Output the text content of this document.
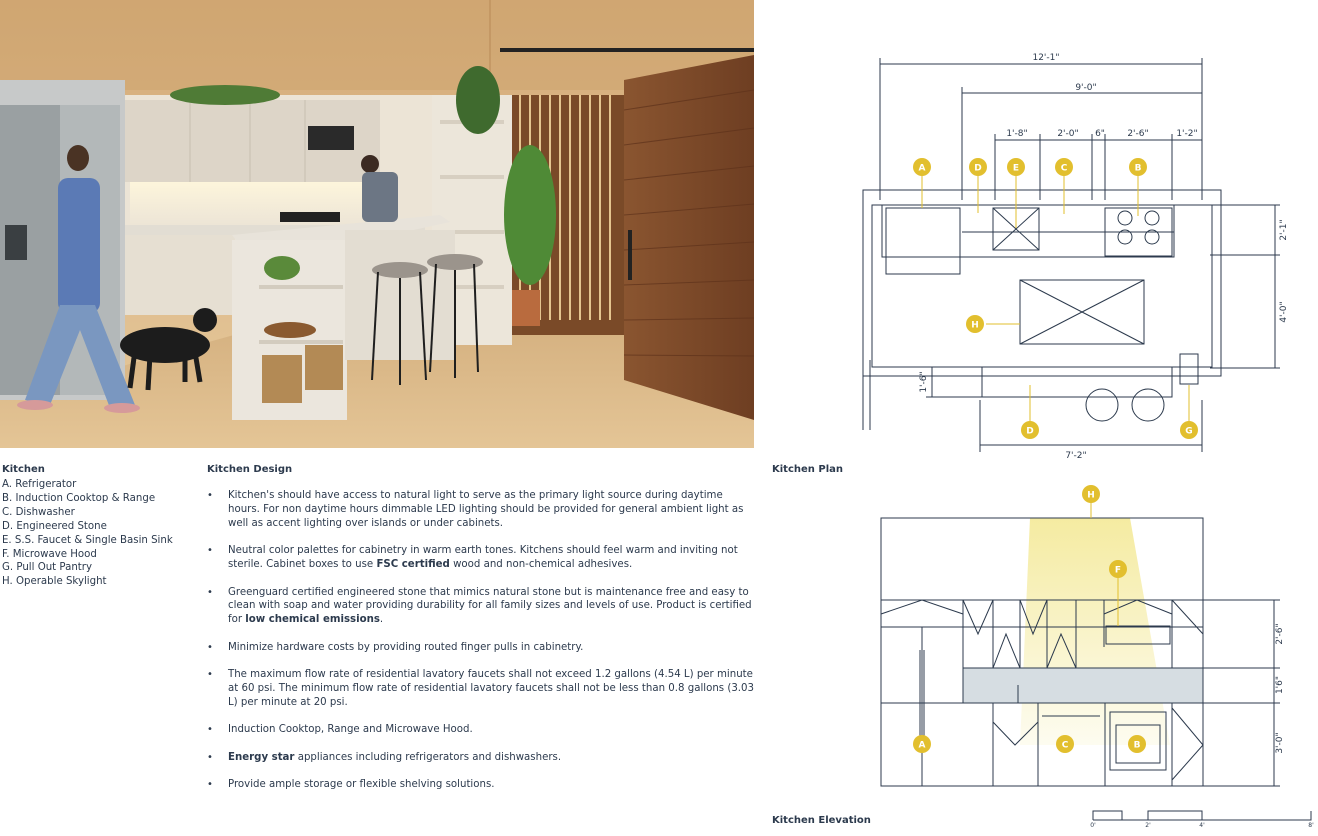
Kitchen
A. Refrigerator
B. Induction Cooktop & Range
C. Dishwasher
D. Engineered Stone
E. S.S. Faucet & Single Basin Sink
F. Microwave Hood
G. Pull Out Pantry
H. Operable Skylight
Kitchen Design
• Kitchen's should have access to natural light to serve as the primary light source during daytime hours. For non daytime hours dimmable LED lighting should be provided for general ambient light as well as accent lighting over islands or under cabinets.
• Neutral color palettes for cabinetry in warm earth tones. Kitchens should feel warm and inviting not sterile. Cabinet boxes to use FSC certified wood and non-chemical adhesives.
• Greenguard certified engineered stone that mimics natural stone but is maintenance free and easy to clean with soap and water providing durability for all family sizes and levels of use. Product is certified for low chemical emissions.
• Minimize hardware costs by providing routed finger pulls in cabinetry.
• The maximum flow rate of residential lavatory faucets shall not exceed 1.2 gallons (4.54 L) per minute at 60 psi. The minimum flow rate of residential lavatory faucets shall not be less than 0.8 gallons (3.03 L) per minute at 20 psi.
• Induction Cooktop, Range and Microwave Hood.
• Energy star appliances including refrigerators and dishwashers.
• Provide ample storage or flexible shelving solutions.
Kitchen Plan
12'-1"
9'-0"
1'-8"	2'-0" 6" 2'-6"	1'-2"
2'-1"
4'-0"
1'-6"
7'-2"
A	D	E	C	B
H
D	G
Kitchen Elevation
2'-6"
1'6"
3'-0"
H
F
A	C	B
0'	2'	4'	8'
